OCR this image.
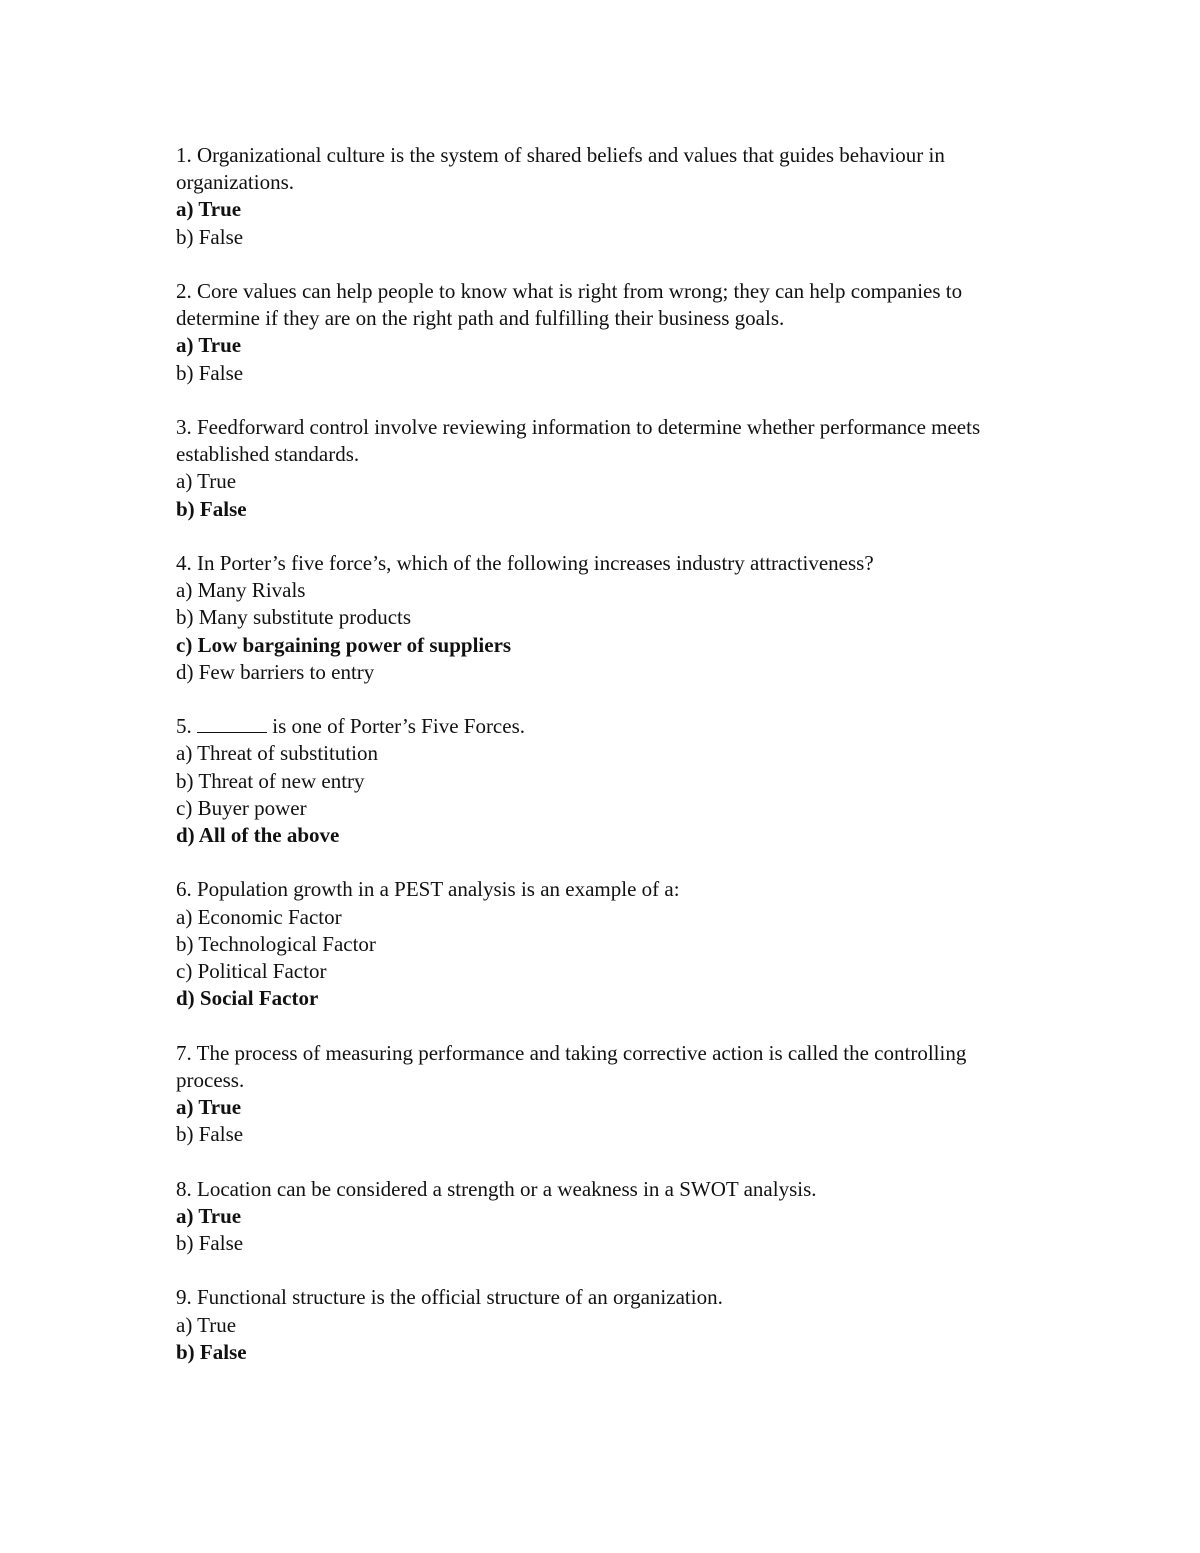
1. Organizational culture is the system of shared beliefs and values that guides behaviour in organizations.
a) True
b) False
2. Core values can help people to know what is right from wrong; they can help companies to determine if they are on the right path and fulfilling their business goals.
a) True
b) False
3. Feedforward control involve reviewing information to determine whether performance meets established standards.
a) True
b) False
4. In Porter’s five force’s, which of the following increases industry attractiveness?
a) Many Rivals
b) Many substitute products
c) Low bargaining power of suppliers
d) Few barriers to entry
5.	is one of Porter’s Five Forces.
a) Threat of substitution
b) Threat of new entry
c) Buyer power
d) All of the above
6. Population growth in a PEST analysis is an example of a:
a) Economic Factor
b) Technological Factor
c) Political Factor
d) Social Factor
7. The process of measuring performance and taking corrective action is called the controlling process.
a) True
b) False
8. Location can be considered a strength or a weakness in a SWOT analysis.
a) True
b) False
9. Functional structure is the official structure of an organization.
a) True
b) False
